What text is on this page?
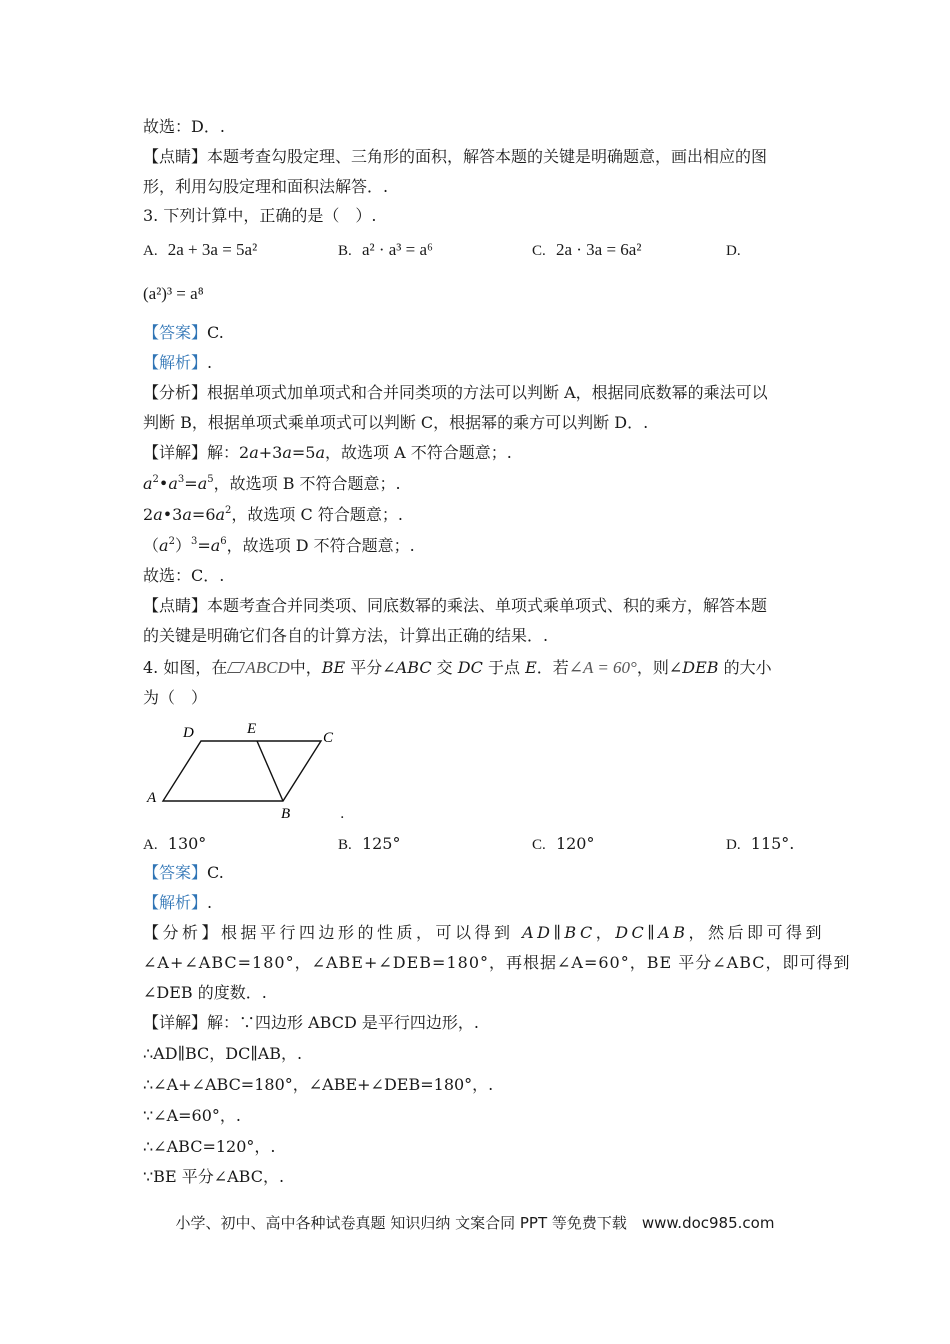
故选：D．.
【点睛】本题考查勾股定理、三角形的面积，解答本题的关键是明确题意，画出相应的图
形，利用勾股定理和面积法解答．.
3. 下列计算中，正确的是（　）.
A. 2a + 3a = 5a²	B. a² · a³ = a⁶	C. 2a · 3a = 6a²	D.
(a²)³ = a⁸
【答案】C.
【解析】.
【分析】根据单项式加单项式和合并同类项的方法可以判断 A，根据同底数幂的乘法可以
判断 B，根据单项式乘单项式可以判断 C，根据幂的乘方可以判断 D．.
【详解】解：2a+3a=5a，故选项 A 不符合题意；.
$a^2•a^3=a^5$，故选项 B 不符合题意；.
$2a•3a=6a^2$，故选项 C 符合题意；.
$(a^2)^3=a^6$，故选项 D 不符合题意；.
故选：C．.
【点睛】本题考查合并同类项、同底数幂的乘法、单项式乘单项式、积的乘方，解答本题
的关键是明确它们各自的计算方法，计算出正确的结果．.
4. 如图，在 ABCD中，BE 平分∠ABC 交 DC 于点 E．若∠A = 60°，则∠DEB 的大小
为（　）
D	E
C
A
B	.
A. 130°	B. 125°	C. 120°	D. 115°.
【答案】C.
【解析】.
【分析】根据平行四边形的性质，可以得到 AD∥BC，DC∥AB，然后即可得到
∠A+∠ABC=180°，∠ABE+∠DEB=180°，再根据∠A=60°，BE 平分∠ABC，即可得到
∠DEB 的度数．.
【详解】解：∵四边形 ABCD 是平行四边形，.
∴AD∥BC，DC∥AB，.
∴∠A+∠ABC=180°，∠ABE+∠DEB=180°，.
∵∠A=60°，.
∴∠ABC=120°，.
∵BE 平分∠ABC，.
小学、初中、高中各种试卷真题 知识归纳 文案合同 PPT 等免费下载　www.doc985.com
